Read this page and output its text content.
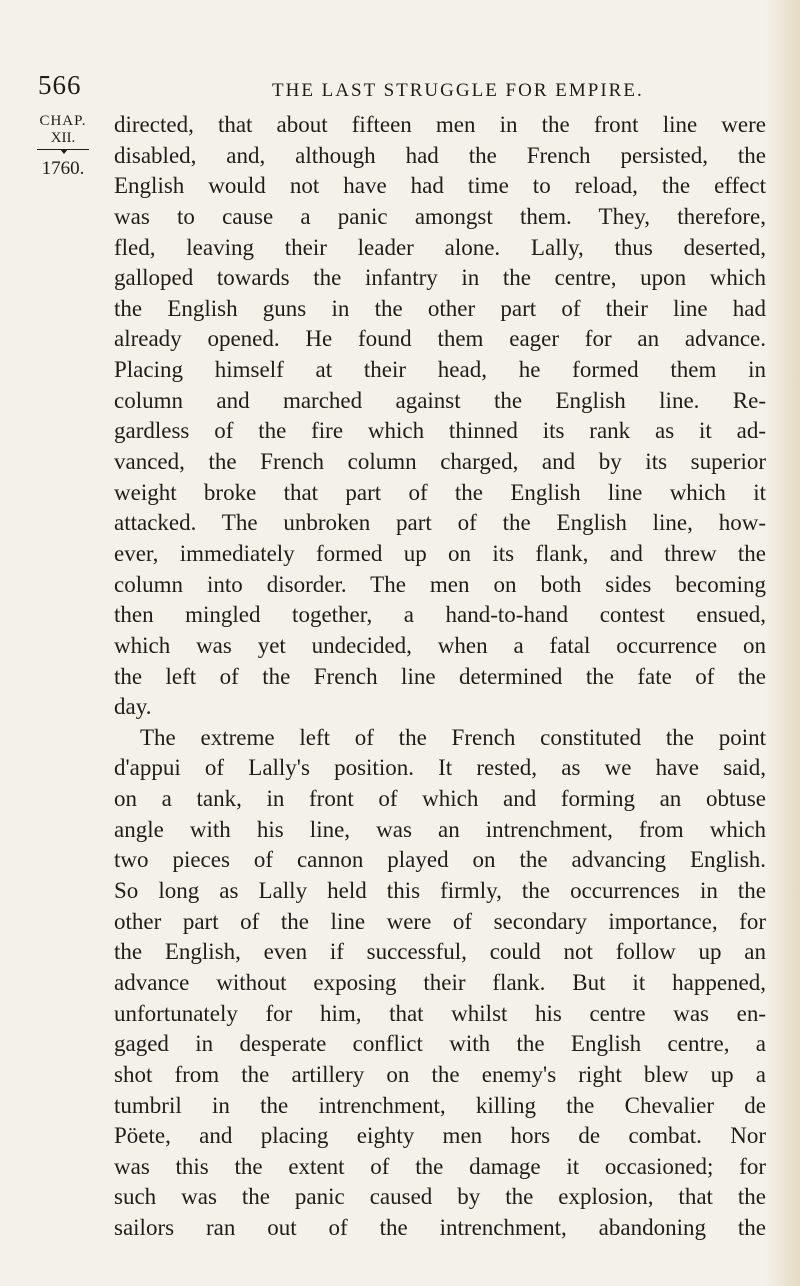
566	THE LAST STRUGGLE FOR EMPIRE.
CHAP.
XII.
1760.
directed, that about fifteen men in the front line were
disabled, and, although had the French persisted, the
English would not have had time to reload, the effect
was to cause a panic amongst them. They, therefore,
fled, leaving their leader alone. Lally, thus deserted,
galloped towards the infantry in the centre, upon which
the English guns in the other part of their line had
already opened. He found them eager for an advance.
Placing himself at their head, he formed them in
column and marched against the English line. Re-
gardless of the fire which thinned its rank as it ad-
vanced, the French column charged, and by its superior
weight broke that part of the English line which it
attacked. The unbroken part of the English line, how-
ever, immediately formed up on its flank, and threw the
column into disorder. The men on both sides becoming
then mingled together, a hand-to-hand contest ensued,
which was yet undecided, when a fatal occurrence on
the left of the French line determined the fate of the
day.
The extreme left of the French constituted the point
d'appui of Lally's position. It rested, as we have said,
on a tank, in front of which and forming an obtuse
angle with his line, was an intrenchment, from which
two pieces of cannon played on the advancing English.
So long as Lally held this firmly, the occurrences in the
other part of the line were of secondary importance, for
the English, even if successful, could not follow up an
advance without exposing their flank. But it happened,
unfortunately for him, that whilst his centre was en-
gaged in desperate conflict with the English centre, a
shot from the artillery on the enemy's right blew up a
tumbril in the intrenchment, killing the Chevalier de
Pöete, and placing eighty men hors de combat. Nor
was this the extent of the damage it occasioned; for
such was the panic caused by the explosion, that the
sailors ran out of the intrenchment, abandoning the
